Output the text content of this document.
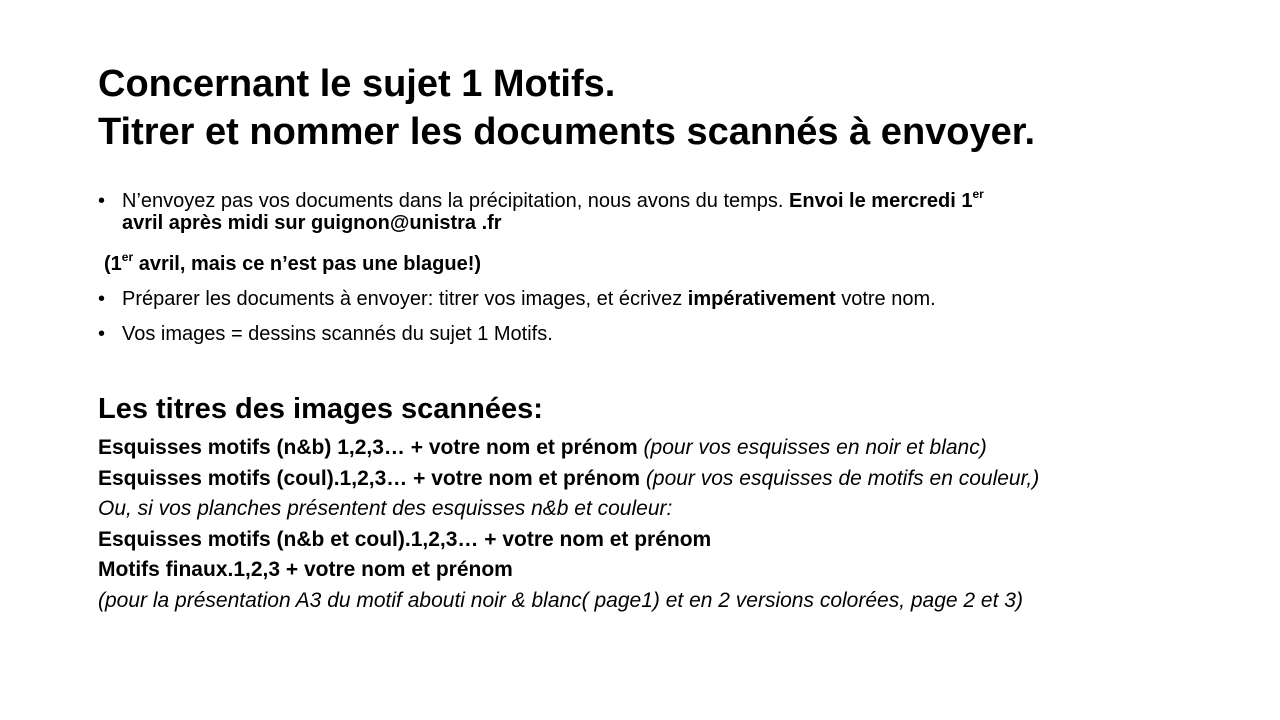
Concernant le sujet 1 Motifs.
Titrer et nommer les documents scannés à envoyer.
• N’envoyez pas vos documents dans la précipitation, nous avons du temps. Envoi le mercredi 1er
avril après midi sur guignon@unistra .fr
(1er avril, mais ce n’est pas une blague!)
• Préparer les documents à envoyer: titrer vos images, et écrivez impérativement votre nom.
• Vos images = dessins scannés du sujet 1 Motifs.
Les titres des images scannées:
Esquisses motifs (n&b) 1,2,3… + votre nom et prénom (pour vos esquisses en noir et blanc)
Esquisses motifs (coul).1,2,3… + votre nom et prénom (pour vos esquisses de motifs en couleur,)
Ou, si vos planches présentent des esquisses n&b et couleur:
Esquisses motifs (n&b et coul).1,2,3… + votre nom et prénom
Motifs finaux.1,2,3 + votre nom et prénom
(pour la présentation A3 du motif abouti noir & blanc( page1) et en 2 versions colorées, page 2 et 3)
